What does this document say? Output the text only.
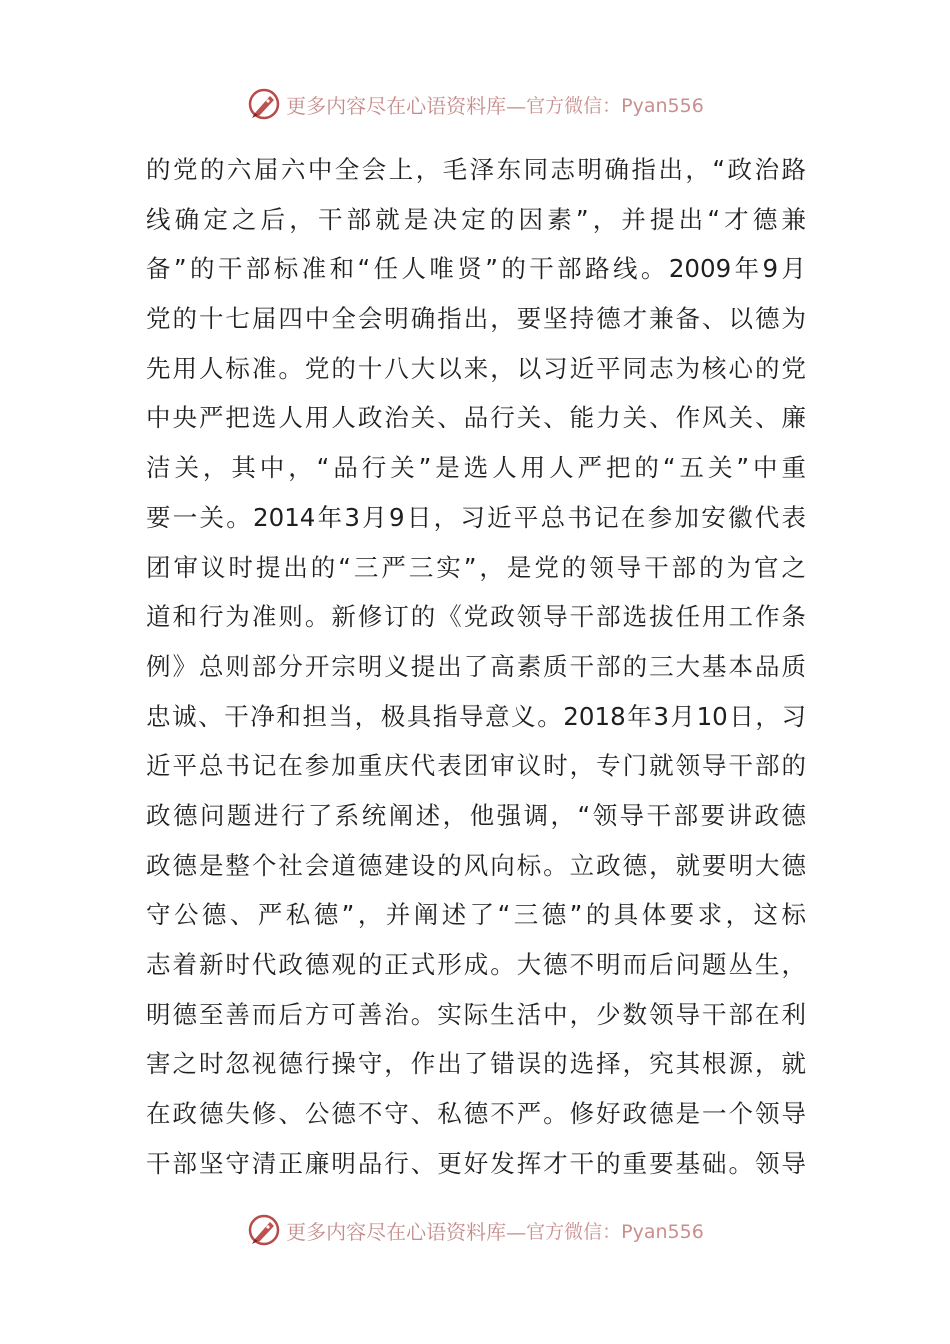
更多内容尽在心语资料库— 官方微信：Pyan556
的党的六届六中全会上，毛泽东同志明确指出，“政治路
线确定之后，干部就是决定的因素”，并提出“才德兼
备”的干部标准和“任人唯贤”的干部路线。2009年9月
党的十七届四中全会明确指出，要坚持德才兼备、以德为
先用人标准。党的十八大以来，以习近平同志为核心的党
中央严把选人用人政治关、品行关、能力关、作风关、廉
洁关，其中，“品行关”是选人用人严把的“五关”中重
要一关。2014年3月9日，习近平总书记在参加安徽代表
团审议时提出的“三严三实”，是党的领导干部的为官之
道和行为准则。新修订的《党政领导干部选拔任用工作条
例》总则部分开宗明义提出了高素质干部的三大基本品质
忠诚、干净和担当，极具指导意义。2018年3月10日，习
近平总书记在参加重庆代表团审议时，专门就领导干部的
政德问题进行了系统阐述，他强调，“领导干部要讲政德
政德是整个社会道德建设的风向标。立政德，就要明大德
守公德、严私德”，并阐述了“三德”的具体要求，这标
志着新时代政德观的正式形成。大德不明而后问题丛生，
明德至善而后方可善治。实际生活中，少数领导干部在利
害之时忽视德行操守，作出了错误的选择，究其根源，就
在政德失修、公德不守、私德不严。修好政德是一个领导
干部坚守清正廉明品行、更好发挥才干的重要基础。领导
更多内容尽在心语资料库— 官方微信：Pyan556
